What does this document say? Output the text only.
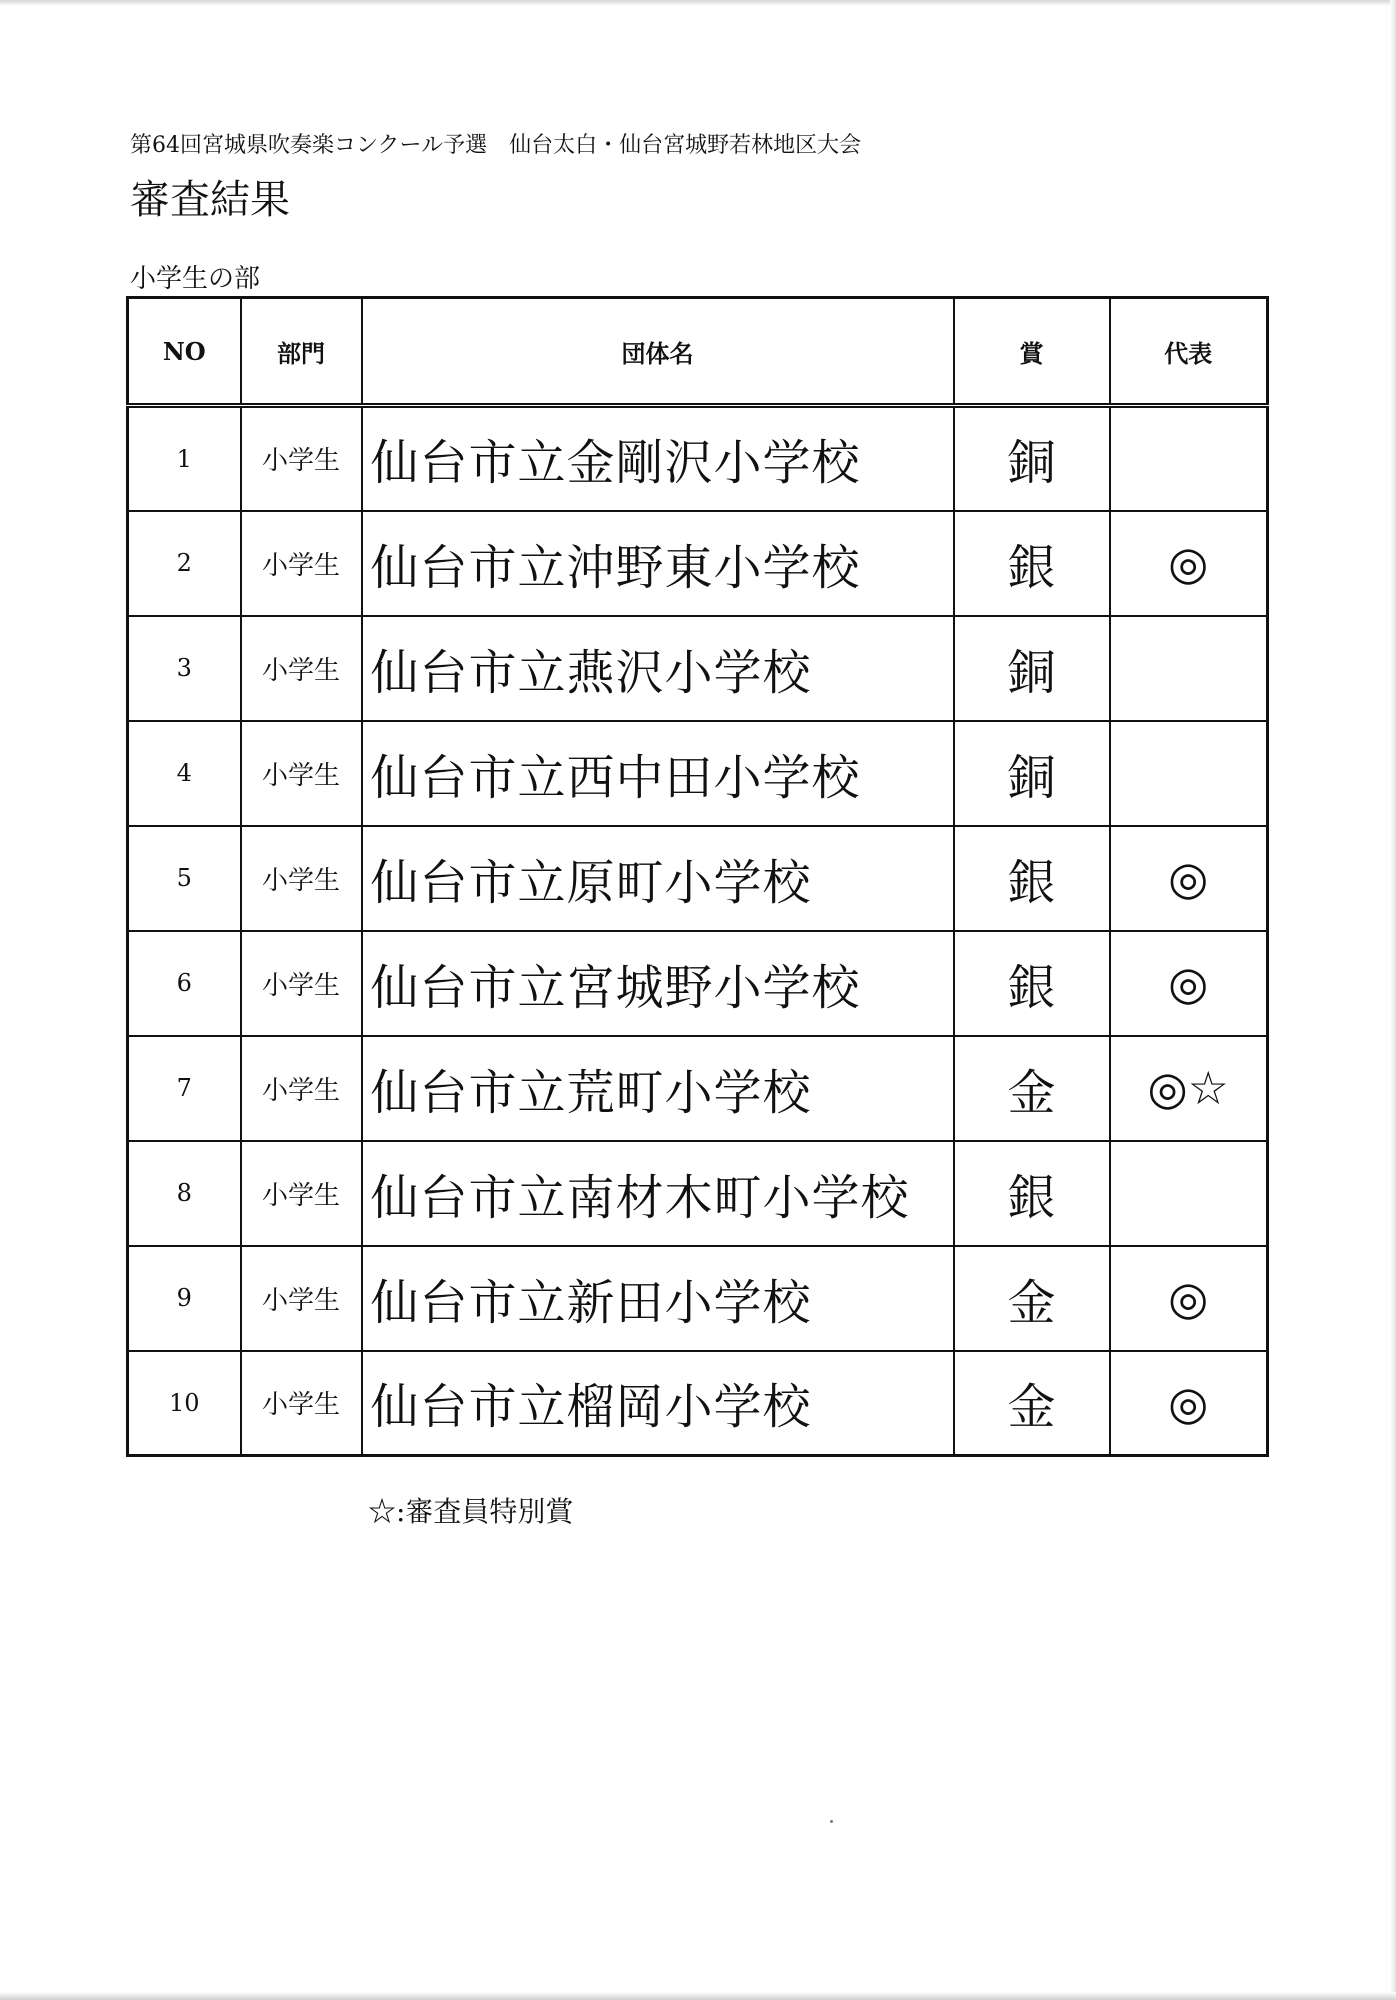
第64回宮城県吹奏楽コンクール予選　仙台太白・仙台宮城野若林地区大会
審査結果
小学生の部
NO	部門	団体名	賞	代表
1	小学生	仙台市立金剛沢小学校	銅	
2	小学生	仙台市立沖野東小学校	銀	◎
3	小学生	仙台市立燕沢小学校	銅	
4	小学生	仙台市立西中田小学校	銅	
5	小学生	仙台市立原町小学校	銀	◎
6	小学生	仙台市立宮城野小学校	銀	◎
7	小学生	仙台市立荒町小学校	金	◎☆
8	小学生	仙台市立南材木町小学校	銀	
9	小学生	仙台市立新田小学校	金	◎
10	小学生	仙台市立榴岡小学校	金	◎
☆:審査員特別賞
